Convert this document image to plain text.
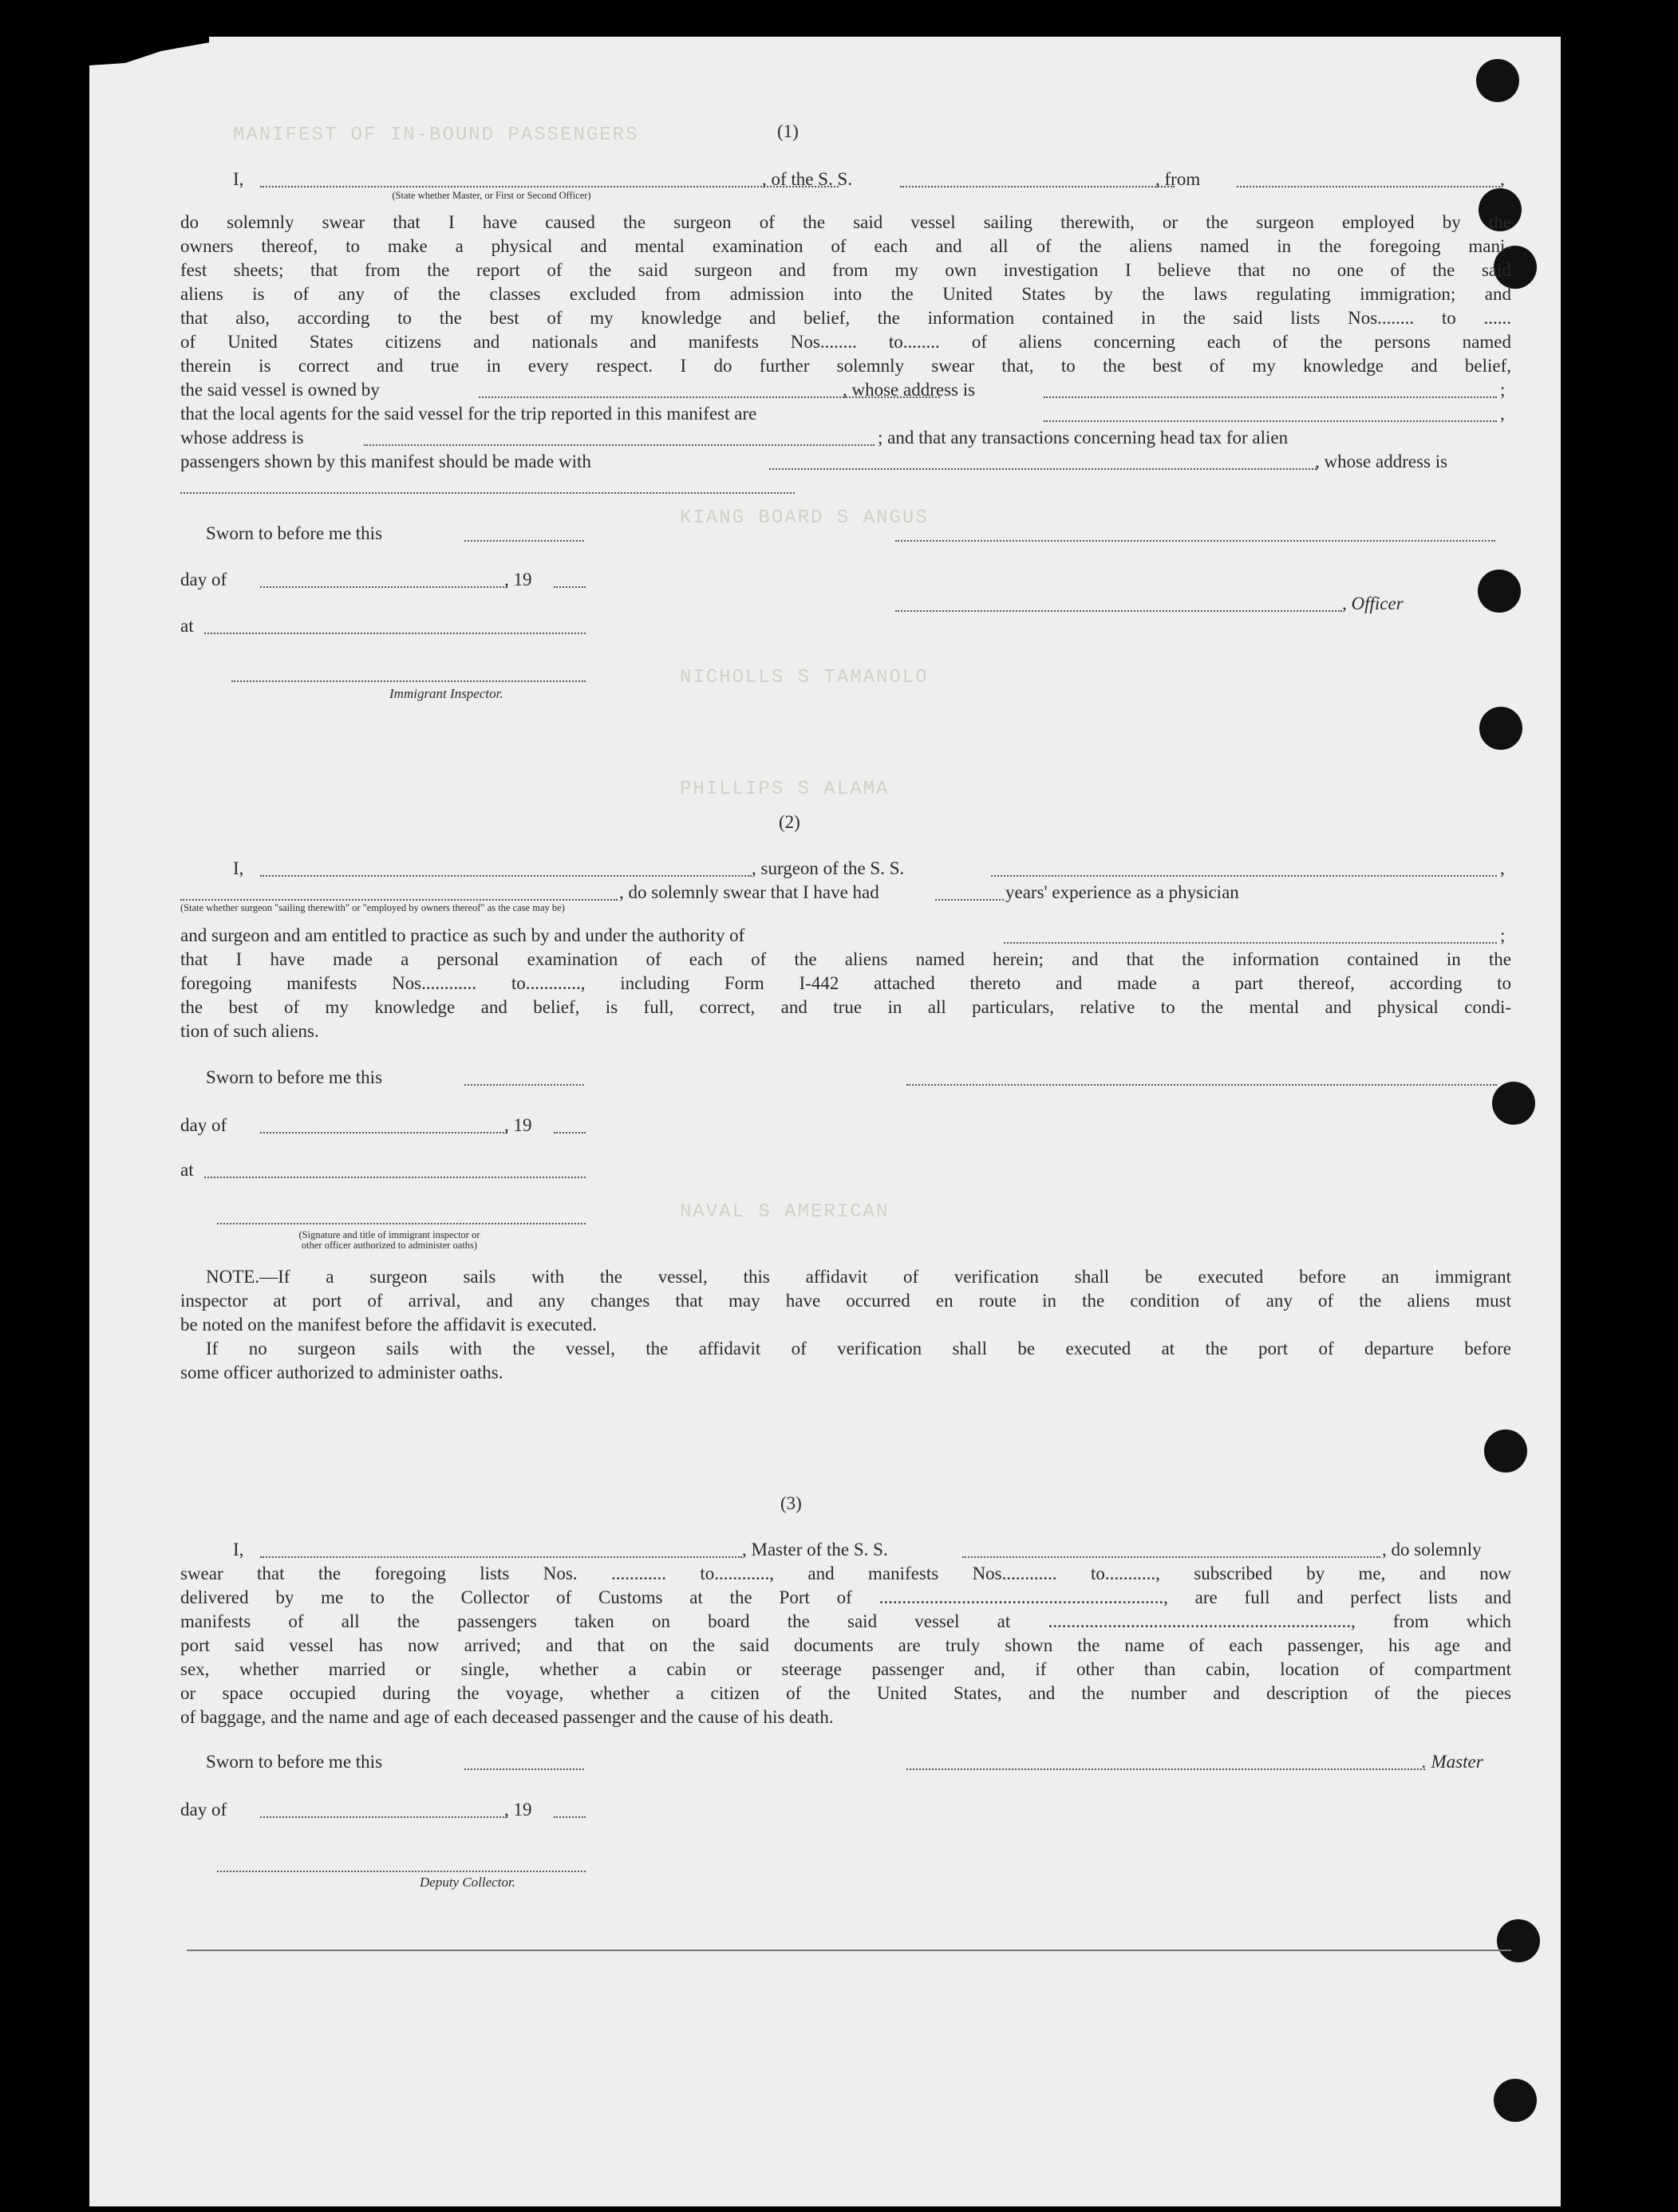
MANIFEST OF IN-BOUND PASSENGERS
KIANG BOARD S ANGUS
NICHOLLS S TAMANOLO
PHILLIPS S ALAMA
NAVAL S AMERICAN
(1)
I,	, of the S. S.	, from	,
(State whether Master, or First or Second Officer)
do solemnly swear that I have caused the surgeon of the said vessel sailing therewith, or the surgeon employed by the
owners thereof, to make a physical and mental examination of each and all of the aliens named in the foregoing mani-
fest sheets; that from the report of the said surgeon and from my own investigation I believe that no one of the said
aliens is of any of the classes excluded from admission into the United States by the laws regulating immigration; and
that also, according to the best of my knowledge and belief, the information contained in the said lists Nos........ to ......
of United States citizens and nationals and manifests Nos........ to........ of aliens concerning each of the persons named
therein is correct and true in every respect. I do further solemnly swear that, to the best of my knowledge and belief,
the said vessel is owned by	, whose address is	;
that the local agents for the said vessel for the trip reported in this manifest are	,
whose address is	; and that any transactions concerning head tax for alien
passengers shown by this manifest should be made with	, whose address is
Sworn to before me this
day of	, 19
, Officer
at
Immigrant Inspector.
(2)
I,	, surgeon of the S. S.	,
, do solemnly swear that I have had	years' experience as a physician
(State whether surgeon "sailing therewith" or "employed by owners thereof" as the case may be)
and surgeon and am entitled to practice as such by and under the authority of	;
that I have made a personal examination of each of the aliens named herein; and that the information contained in the
foregoing manifests Nos............ to............, including Form I-442 attached thereto and made a part thereof, according to
the best of my knowledge and belief, is full, correct, and true in all particulars, relative to the mental and physical condi-
tion of such aliens.
Sworn to before me this
day of	, 19
at
(Signature and title of immigrant inspector or
other officer authorized to administer oaths)
NOTE.—If a surgeon sails with the vessel, this affidavit of verification shall be executed before an immigrant
inspector at port of arrival, and any changes that may have occurred en route in the condition of any of the aliens must
be noted on the manifest before the affidavit is executed.
If no surgeon sails with the vessel, the affidavit of verification shall be executed at the port of departure before
some officer authorized to administer oaths.
(3)
I,	, Master of the S. S.	, do solemnly
swear that the foregoing lists Nos. ............ to............, and manifests Nos............ to..........., subscribed by me, and now
delivered by me to the Collector of Customs at the Port of .............................................................., are full and perfect lists and
manifests of all the passengers taken on board the said vessel at .................................................................., from which
port said vessel has now arrived; and that on the said documents are truly shown the name of each passenger, his age and
sex, whether married or single, whether a cabin or steerage passenger and, if other than cabin, location of compartment
or space occupied during the voyage, whether a citizen of the United States, and the number and description of the pieces
of baggage, and the name and age of each deceased passenger and the cause of his death.
Sworn to before me this	. Master
day of	, 19
Deputy Collector.
